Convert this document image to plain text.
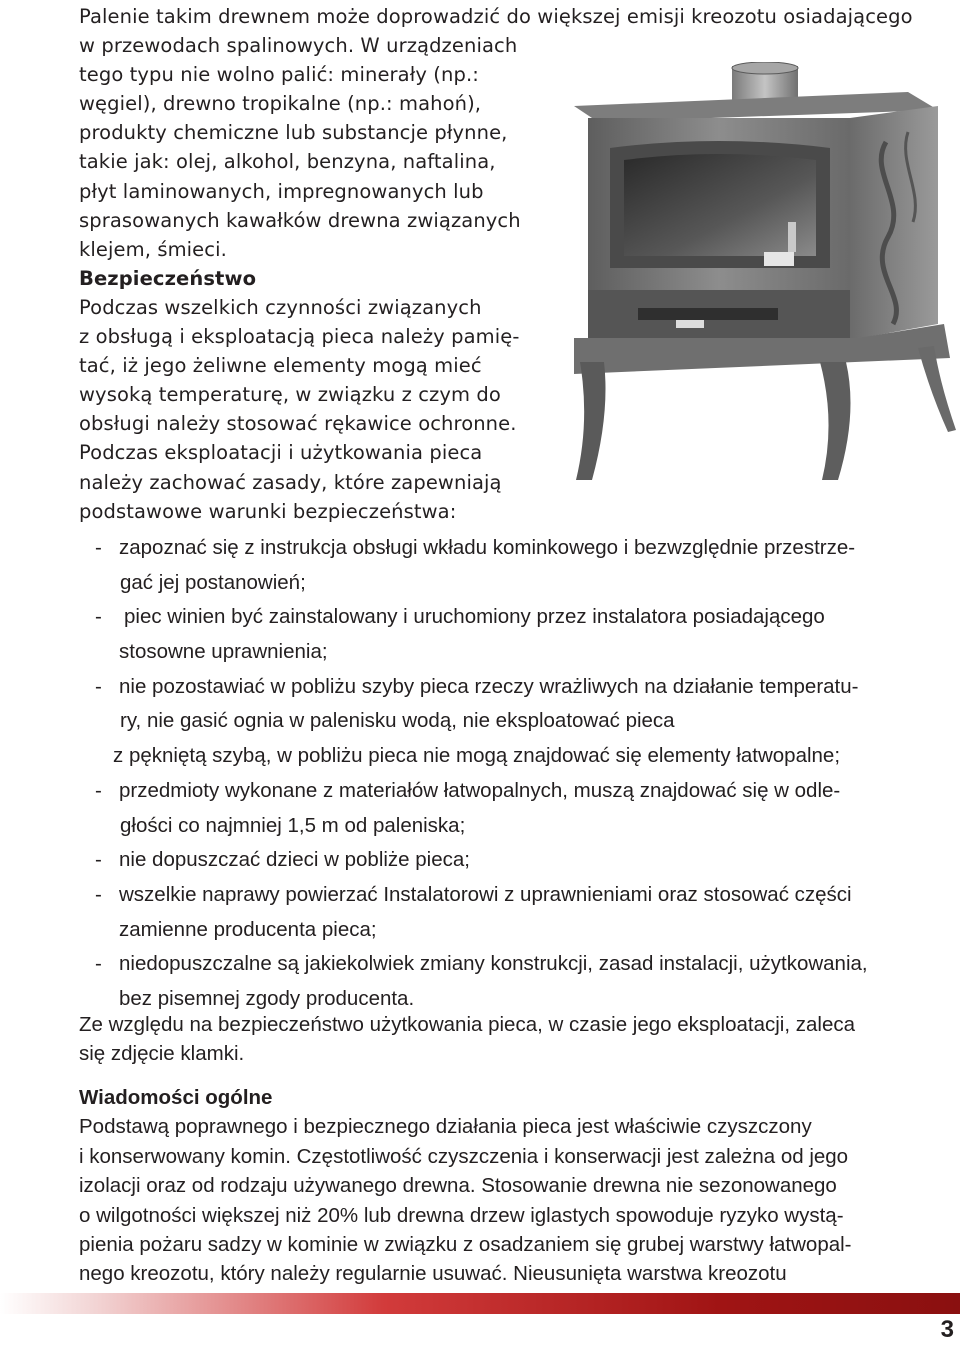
Palenie takim drewnem może doprowadzić do większej emisji kreozotu osiadającego
w przewodach spalinowych. W urządzeniach
tego typu nie wolno palić: minerały (np.:
węgiel), drewno tropikalne (np.: mahoń),
produkty chemiczne lub substancje płynne,
takie jak: olej, alkohol, benzyna, naftalina,
płyt laminowanych, impregnowanych lub
sprasowanych kawałków drewna związanych
klejem, śmieci.
Bezpieczeństwo
Podczas wszelkich czynności związanych
z obsługą i eksploatacją pieca należy pamię-
tać, iż jego żeliwne elementy mogą mieć
wysoką temperaturę, w związku z czym do
obsługi należy stosować rękawice ochronne.
Podczas eksploatacji i użytkowania pieca
należy zachować zasady, które zapewniają
podstawowe warunki bezpieczeństwa:
- zapoznać się z instrukcja obsługi wkładu kominkowego i bezwzględnie przestrze-
gać jej postanowień;
- piec winien być zainstalowany i uruchomiony przez instalatora posiadającego
stosowne uprawnienia;
- nie pozostawiać w pobliżu szyby pieca rzeczy wrażliwych na działanie temperatu-
ry, nie gasić ognia w palenisku wodą, nie eksploatować pieca
z pękniętą szybą, w pobliżu pieca nie mogą znajdować się elementy łatwopalne;
- przedmioty wykonane z materiałów łatwopalnych, muszą znajdować się w odle-
głości co najmniej 1,5 m od paleniska;
- nie dopuszczać dzieci w pobliże pieca;
- wszelkie naprawy powierzać Instalatorowi z uprawnieniami oraz stosować części
zamienne producenta pieca;
- niedopuszczalne są jakiekolwiek zmiany konstrukcji, zasad instalacji, użytkowania,
bez pisemnej zgody producenta.
Ze względu na bezpieczeństwo użytkowania pieca, w czasie jego eksploatacji, zaleca
się zdjęcie klamki.
Wiadomości ogólne
Podstawą poprawnego i bezpiecznego działania pieca jest właściwie czyszczony
i konserwowany komin. Częstotliwość czyszczenia i konserwacji jest zależna od jego
izolacji oraz od rodzaju używanego drewna. Stosowanie drewna nie sezonowanego
o wilgotności większej niż 20% lub drewna drzew iglastych spowoduje ryzyko wystą-
pienia pożaru sadzy w kominie w związku z osadzaniem się grubej warstwy łatwopal-
nego kreozotu, który należy regularnie usuwać. Nieusunięta warstwa kreozotu
3
